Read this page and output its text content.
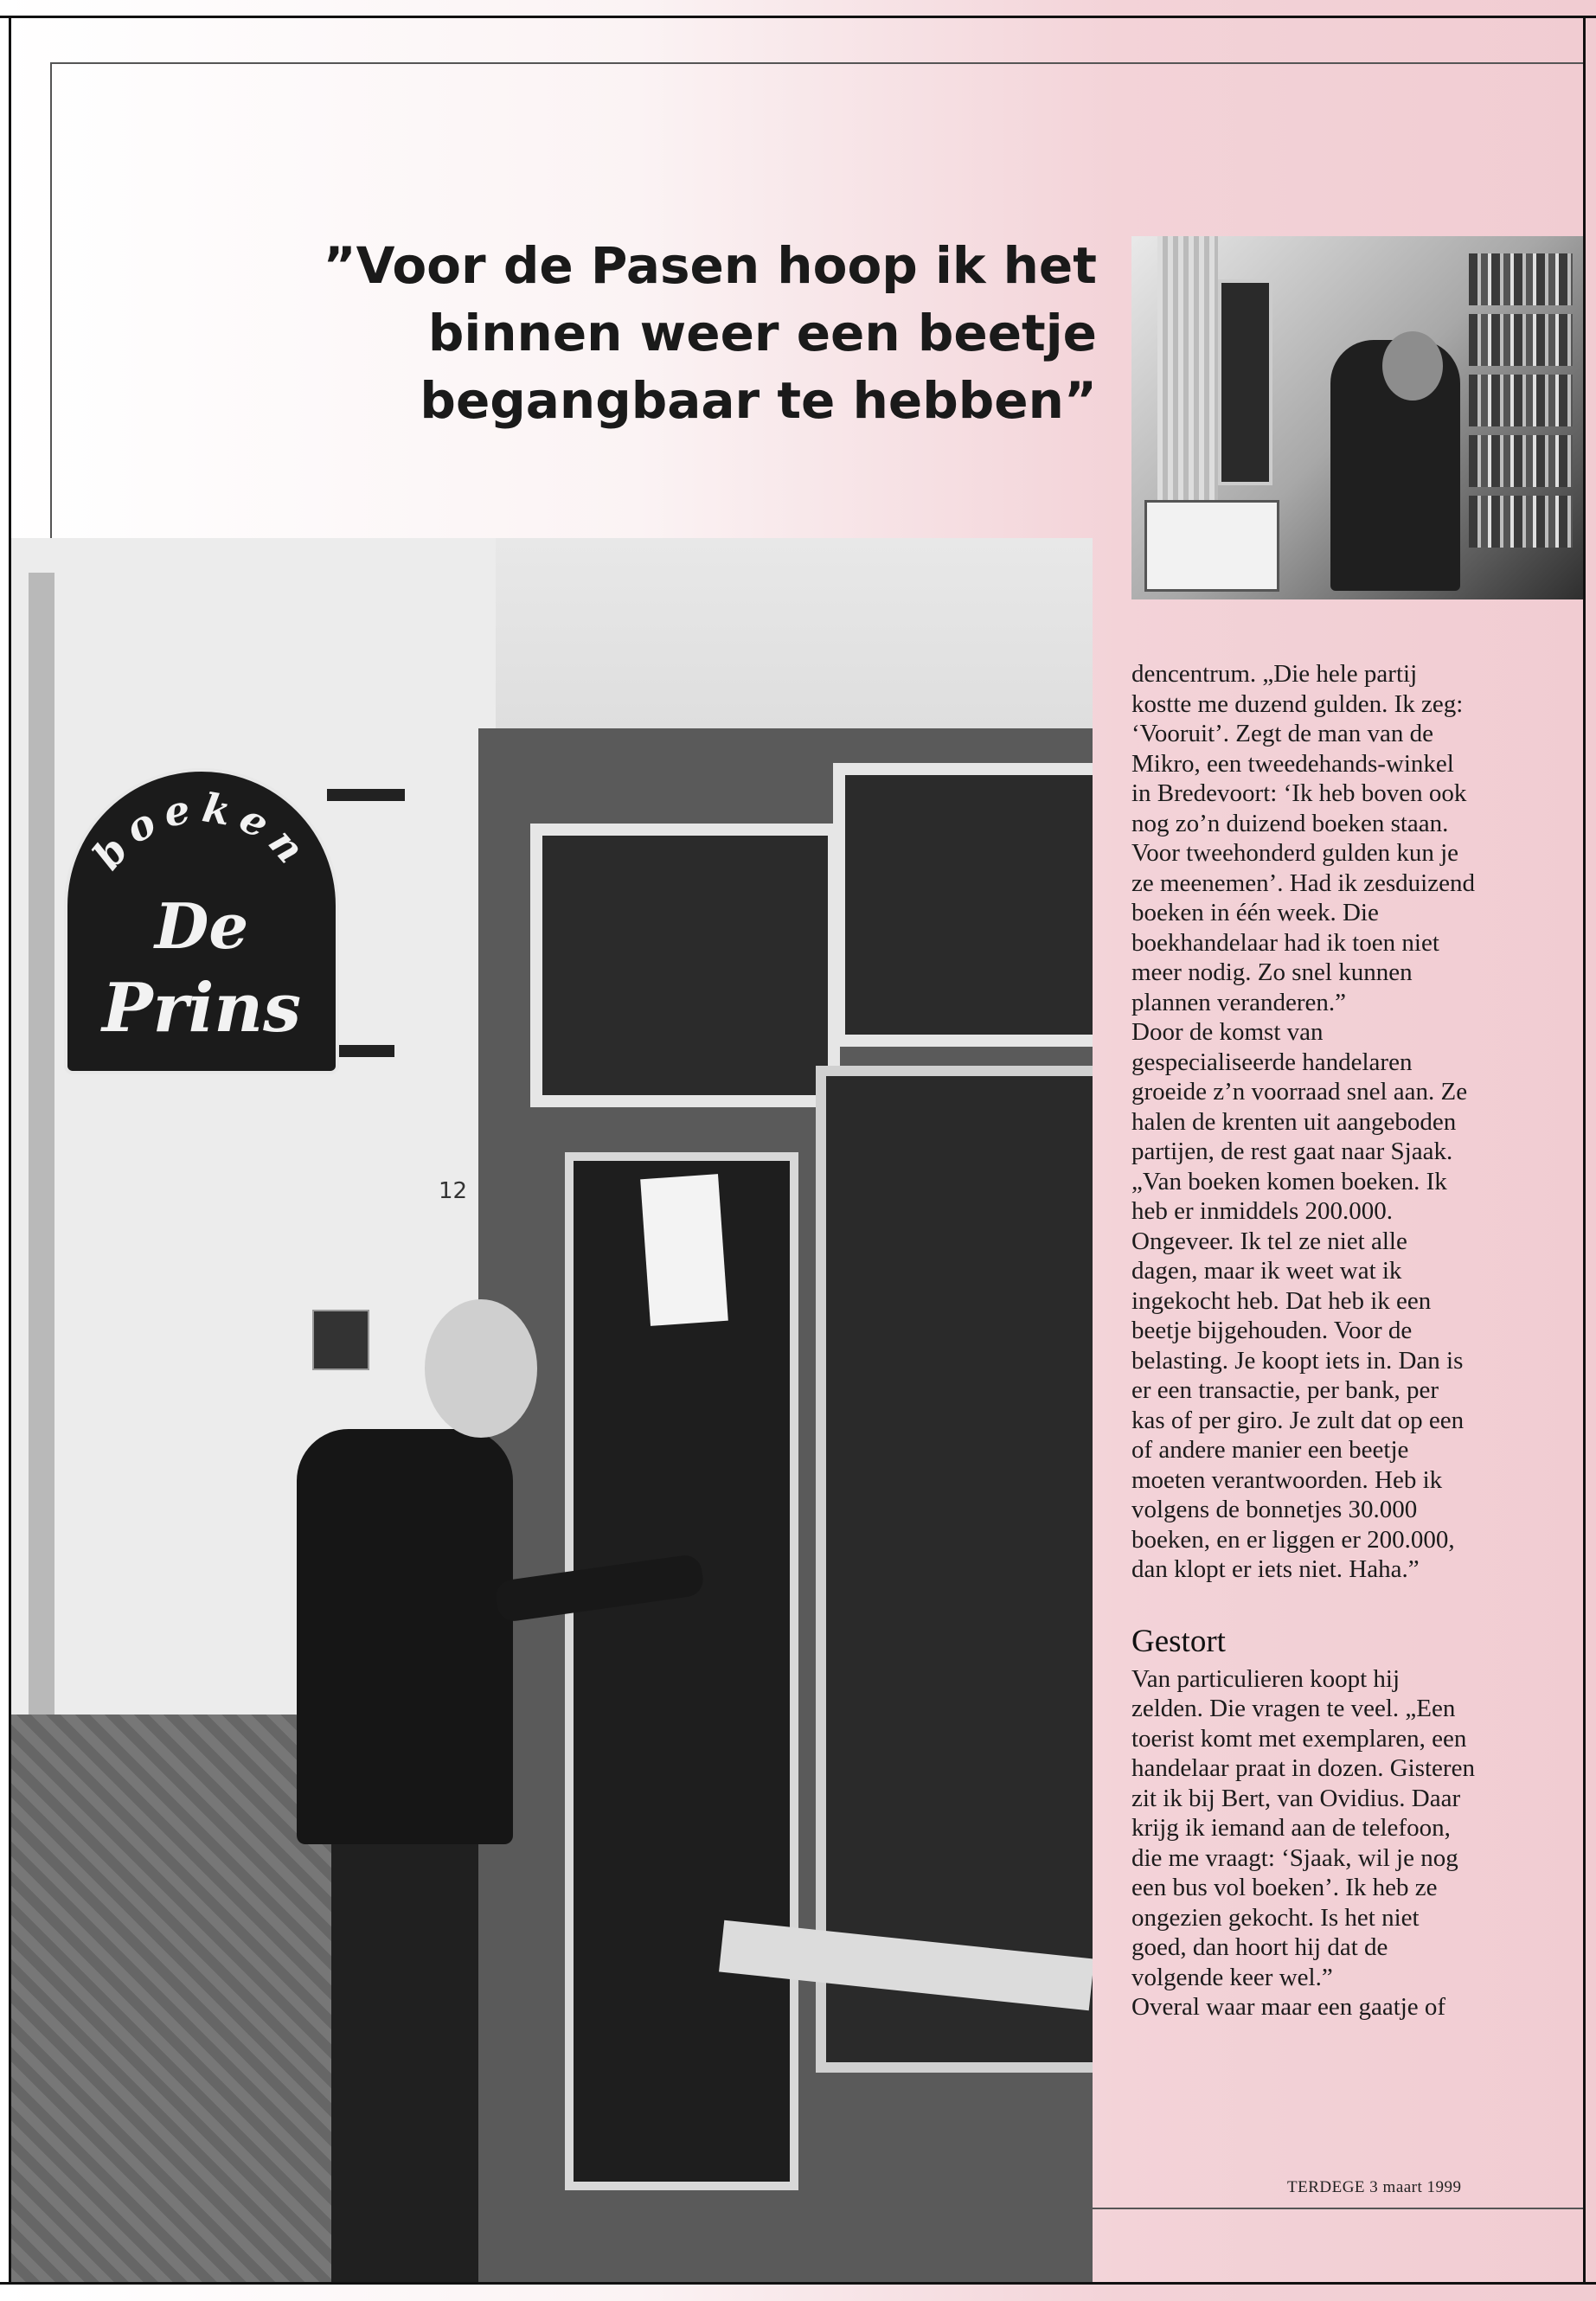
”Voor de Pasen hoop ik het
binnen weer een beetje
begangbaar te hebben”
12
boeken
De
Prins

dencentrum. „Die hele partij kostte me duzend gulden. Ik zeg: ‘Vooruit’. Zegt de man van de Mikro, een tweedehands-winkel in Bredevoort: ‘Ik heb boven ook nog zo’n duizend boeken staan. Voor tweehonderd gulden kun je ze meenemen’. Had ik zesduizend boeken in één week. Die boekhandelaar had ik toen niet meer nodig. Zo snel kunnen plannen veranderen.”

Door de komst van gespecialiseerde handelaren groeide z’n voorraad snel aan. Ze halen de krenten uit aangeboden partijen, de rest gaat naar Sjaak. „Van boeken komen boeken. Ik heb er inmiddels 200.000. Ongeveer. Ik tel ze niet alle dagen, maar ik weet wat ik ingekocht heb. Dat heb ik een beetje bijgehouden. Voor de belasting. Je koopt iets in. Dan is er een transactie, per bank, per kas of per giro. Je zult dat op een of andere manier een beetje moeten verantwoorden. Heb ik volgens de bonnetjes 30.000 boeken, en er liggen er 200.000, dan klopt er iets niet. Haha.”

Gestort

Van particulieren koopt hij zelden. Die vragen te veel. „Een toerist komt met exemplaren, een handelaar praat in dozen. Gisteren zit ik bij Bert, van Ovidius. Daar krijg ik iemand aan de telefoon, die me vraagt: ‘Sjaak, wil je nog een bus vol boeken’. Ik heb ze ongezien gekocht. Is het niet goed, dan hoort hij dat de volgende keer wel.”

Overal waar maar een gaatje of

TERDEGE 3 maart 1999
